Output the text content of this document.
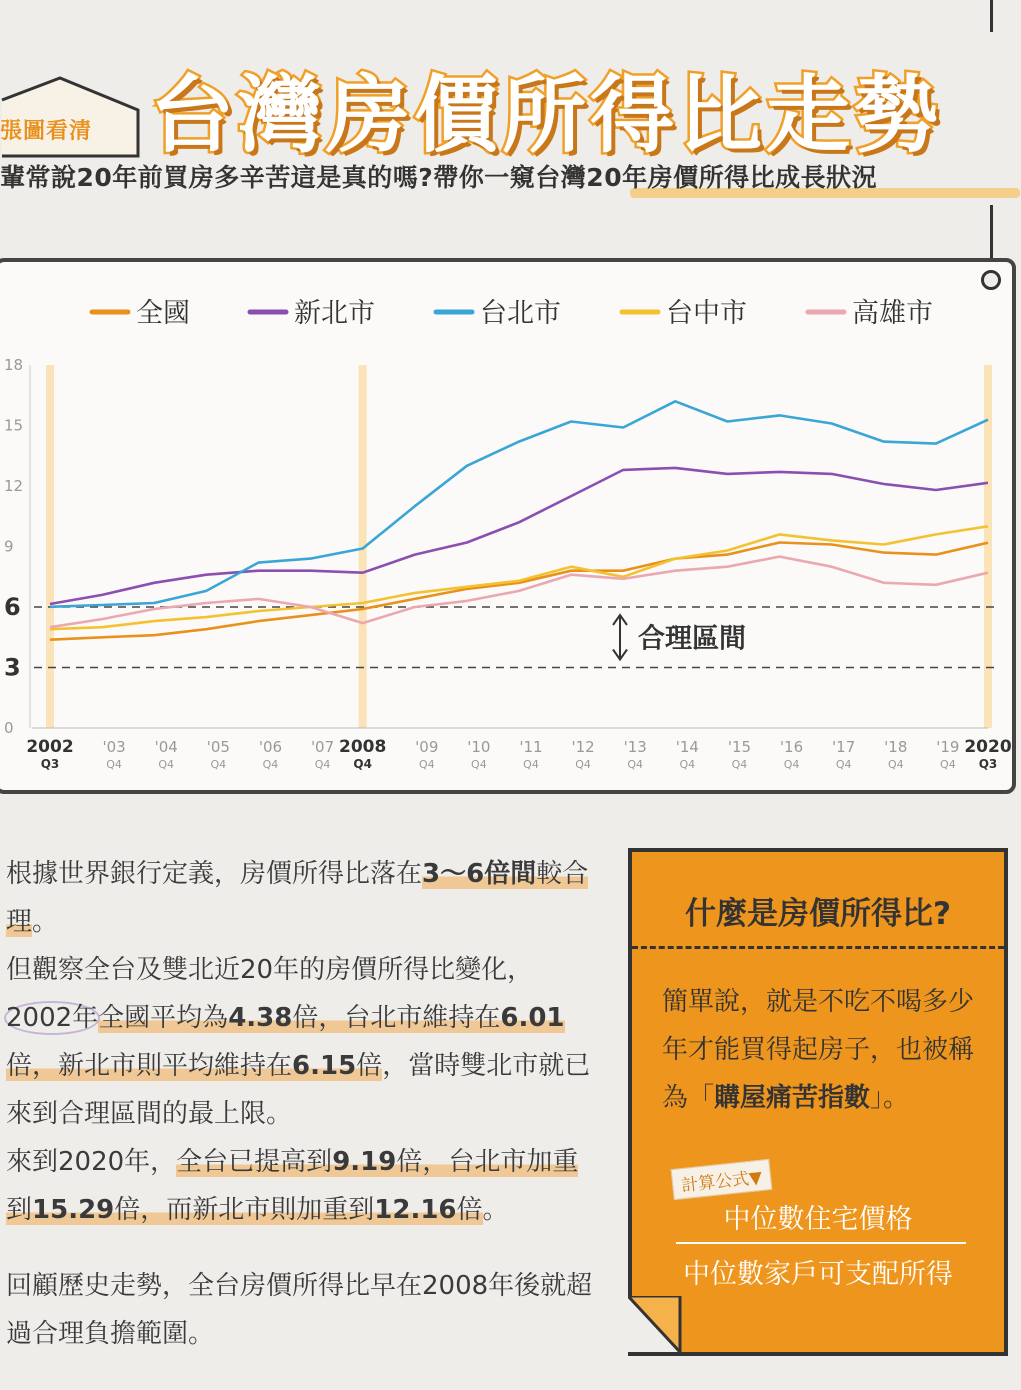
張圖看清 台灣房價所得比走勢
輩常說20年前買房多辛苦這是真的嗎?帶你一窺台灣20年房價所得比成長狀況
0
3
6
9
12
15
18
合理區間
2002
Q3
'03
Q4
'04
Q4
'05
Q4
'06
Q4
'07
Q4
2008
Q4
'09
Q4
'10
Q4
'11
Q4
'12
Q4
'13
Q4
'14
Q4
'15
Q4
'16
Q4
'17
Q4
'18
Q4
'19
Q4
2020
Q3
全國	新北市	台北市	台中市	高雄市
根據世界銀行定義，房價所得比落在3～6倍間較合理。
但觀察全台及雙北近20年的房價所得比變化，2002年全國平均為4.38倍，台北市維持在6.01倍，新北市則平均維持在6.15倍，當時雙北市就已來到合理區間的最上限。
來到2020年，全台已提高到9.19倍，台北市加重到15.29倍，而新北市則加重到12.16倍。
回顧歷史走勢，全台房價所得比早在2008年後就超過合理負擔範圍。
什麼是房價所得比?
簡單說，就是不吃不喝多少年才能買得起房子，也被稱為「購屋痛苦指數」。
計算公式▼
中位數住宅價格
中位數家戶可支配所得
